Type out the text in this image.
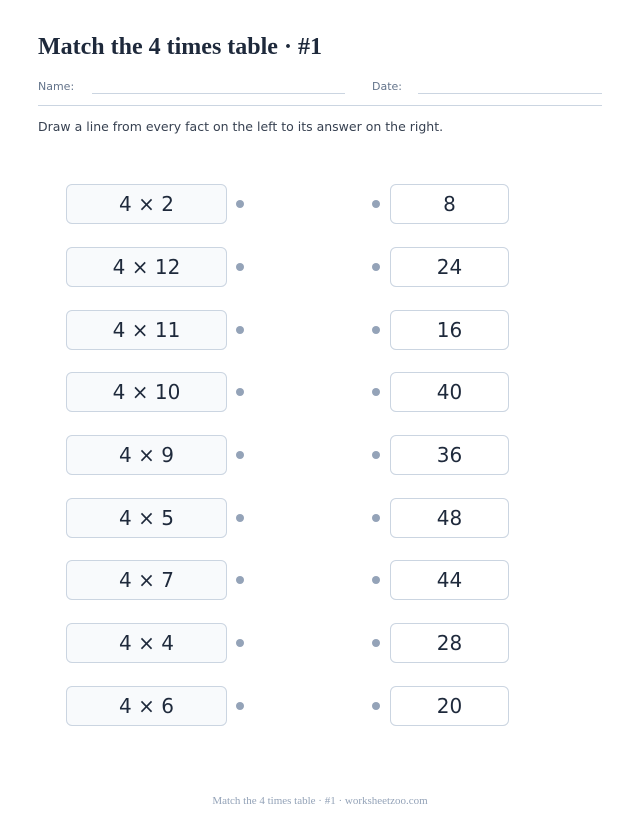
Match the 4 times table · #1
Name:	Date:
Draw a line from every fact on the left to its answer on the right.
4 × 2	8
4 × 12	24
4 × 11	16
4 × 10	40
4 × 9	36
4 × 5	48
4 × 7	44
4 × 4	28
4 × 6	20
Match the 4 times table · #1 · worksheetzoo.com
